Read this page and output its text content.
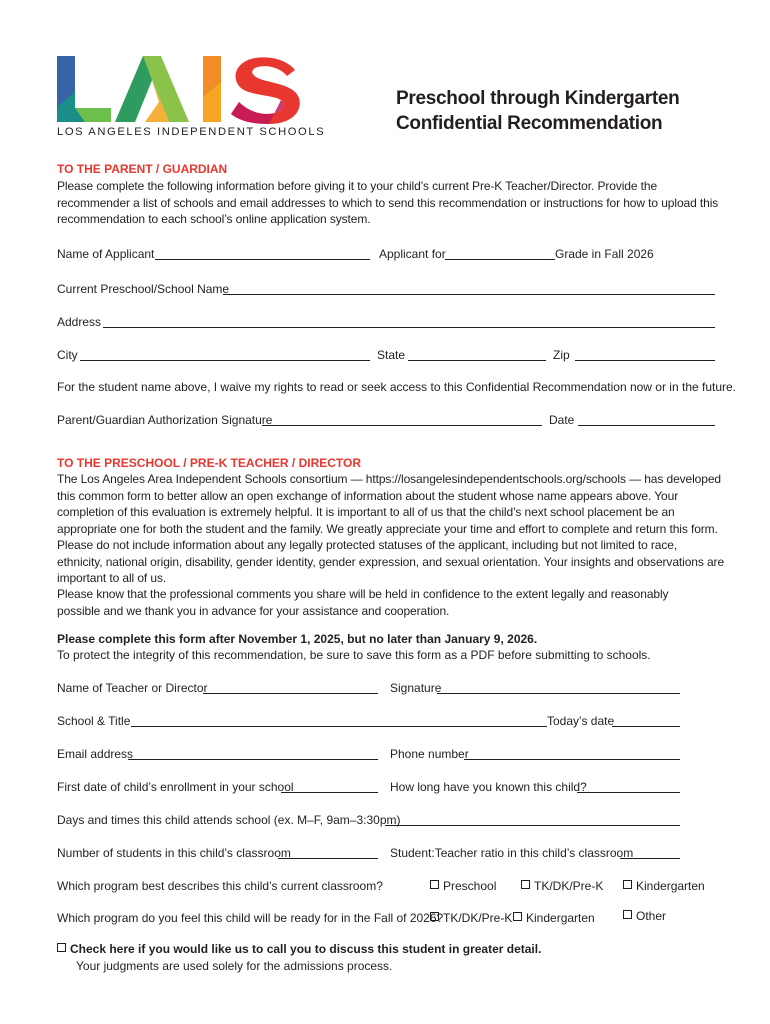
LOS ANGELES INDEPENDENT SCHOOLS
Preschool through Kindergarten
Confidential Recommendation
TO THE PARENT / GUARDIAN
Please complete the following information before giving it to your child’s current Pre-K Teacher/Director. Provide the recommender a list of schools and email addresses to which to send this recommendation or instructions for how to upload this recommendation to each school’s online application system.
Name of Applicant	Applicant for	Grade in Fall 2026
Current Preschool/School Name
Address
City	State	Zip
For the student name above, I waive my rights to read or seek access to this Confidential Recommendation now or in the future.
Parent/Guardian Authorization Signature	Date
TO THE PRESCHOOL / PRE-K TEACHER / DIRECTOR
The Los Angeles Area Independent Schools consortium — https://losangelesindependentschools.org/schools — has developed this common form to better allow an open exchange of information about the student whose name appears above. Your completion of this evaluation is extremely helpful. It is important to all of us that the child’s next school placement be an appropriate one for both the student and the family. We greatly appreciate your time and effort to complete and return this form. Please do not include information about any legally protected statuses of the applicant, including but not limited to race, ethnicity, national origin, disability, gender identity, gender expression, and sexual orientation. Your insights and observations are important to all of us.
Please know that the professional comments you share will be held in confidence to the extent legally and reasonably possible and we thank you in advance for your assistance and cooperation.
Please complete this form after November 1, 2025, but no later than January 9, 2026.
To protect the integrity of this recommendation, be sure to save this form as a PDF before submitting to schools.
Name of Teacher or Director	Signature
School & Title	Today’s date
Email address	Phone number
First date of child’s enrollment in your school	How long have you known this child?
Days and times this child attends school (ex. M–F, 9am–3:30pm)
Number of students in this child’s classroom	Student:Teacher ratio in this child’s classroom
Which program best describes this child’s current classroom?	Preschool	TK/DK/Pre-K	Kindergarten
Which program do you feel this child will be ready for in the Fall of 2026? TK/DK/Pre-K	Kindergarten	Other
Check here if you would like us to call you to discuss this student in greater detail.
Your judgments are used solely for the admissions process.
